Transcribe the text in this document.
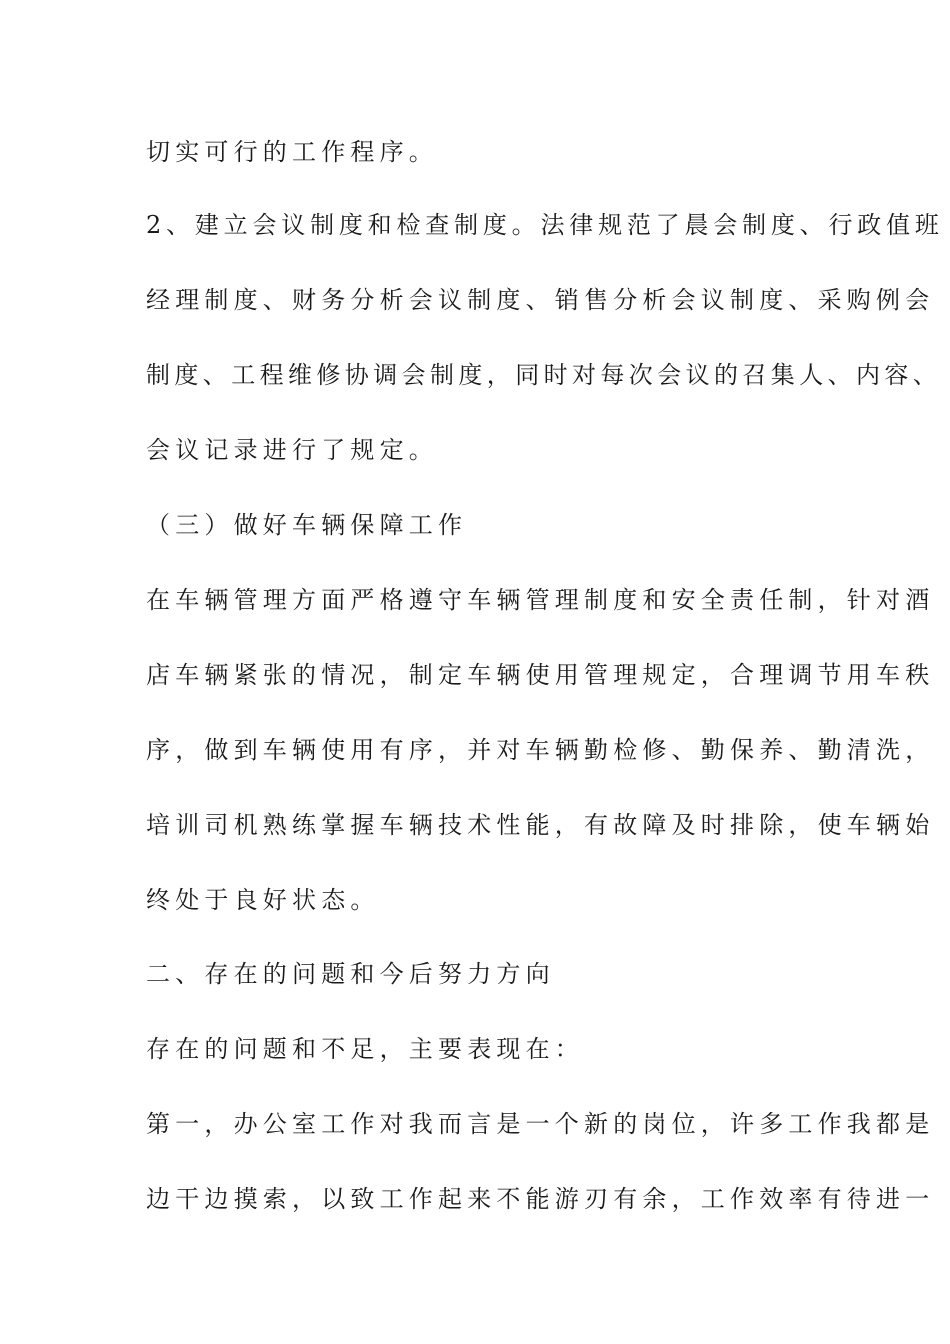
切实可行的工作程序。
2、建立会议制度和检查制度。法律规范了晨会制度、行政值班
经理制度、财务分析会议制度、销售分析会议制度、采购例会
制度、工程维修协调会制度，同时对每次会议的召集人、内容、
会议记录进行了规定。
（三）做好车辆保障工作
在车辆管理方面严格遵守车辆管理制度和安全责任制，针对酒
店车辆紧张的情况，制定车辆使用管理规定，合理调节用车秩
序，做到车辆使用有序，并对车辆勤检修、勤保养、勤清洗，
培训司机熟练掌握车辆技术性能，有故障及时排除，使车辆始
终处于良好状态。
二、存在的问题和今后努力方向
存在的问题和不足，主要表现在：
第一，办公室工作对我而言是一个新的岗位，许多工作我都是
边干边摸索，以致工作起来不能游刃有余，工作效率有待进一
